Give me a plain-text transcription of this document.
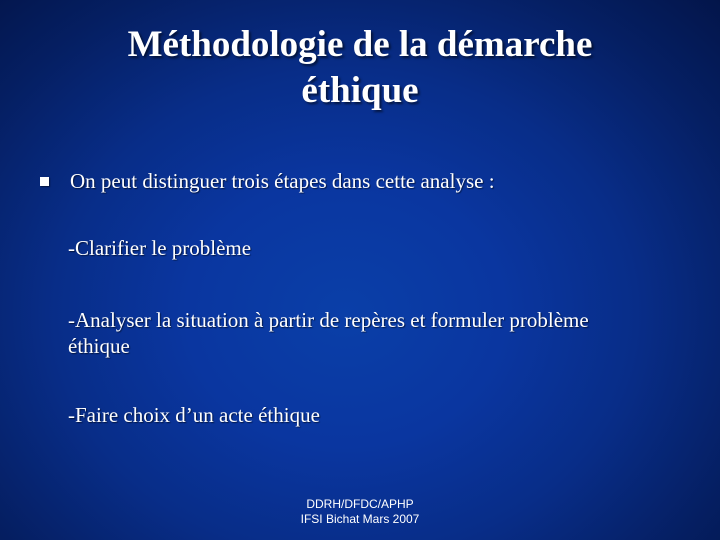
Méthodologie de la démarche
éthique
On peut distinguer trois étapes dans cette analyse :
-Clarifier le problème
-Analyser la situation à partir de repères et formuler problème
éthique
-Faire choix d’un acte éthique
DDRH/DFDC/APHP
IFSI Bichat Mars 2007
